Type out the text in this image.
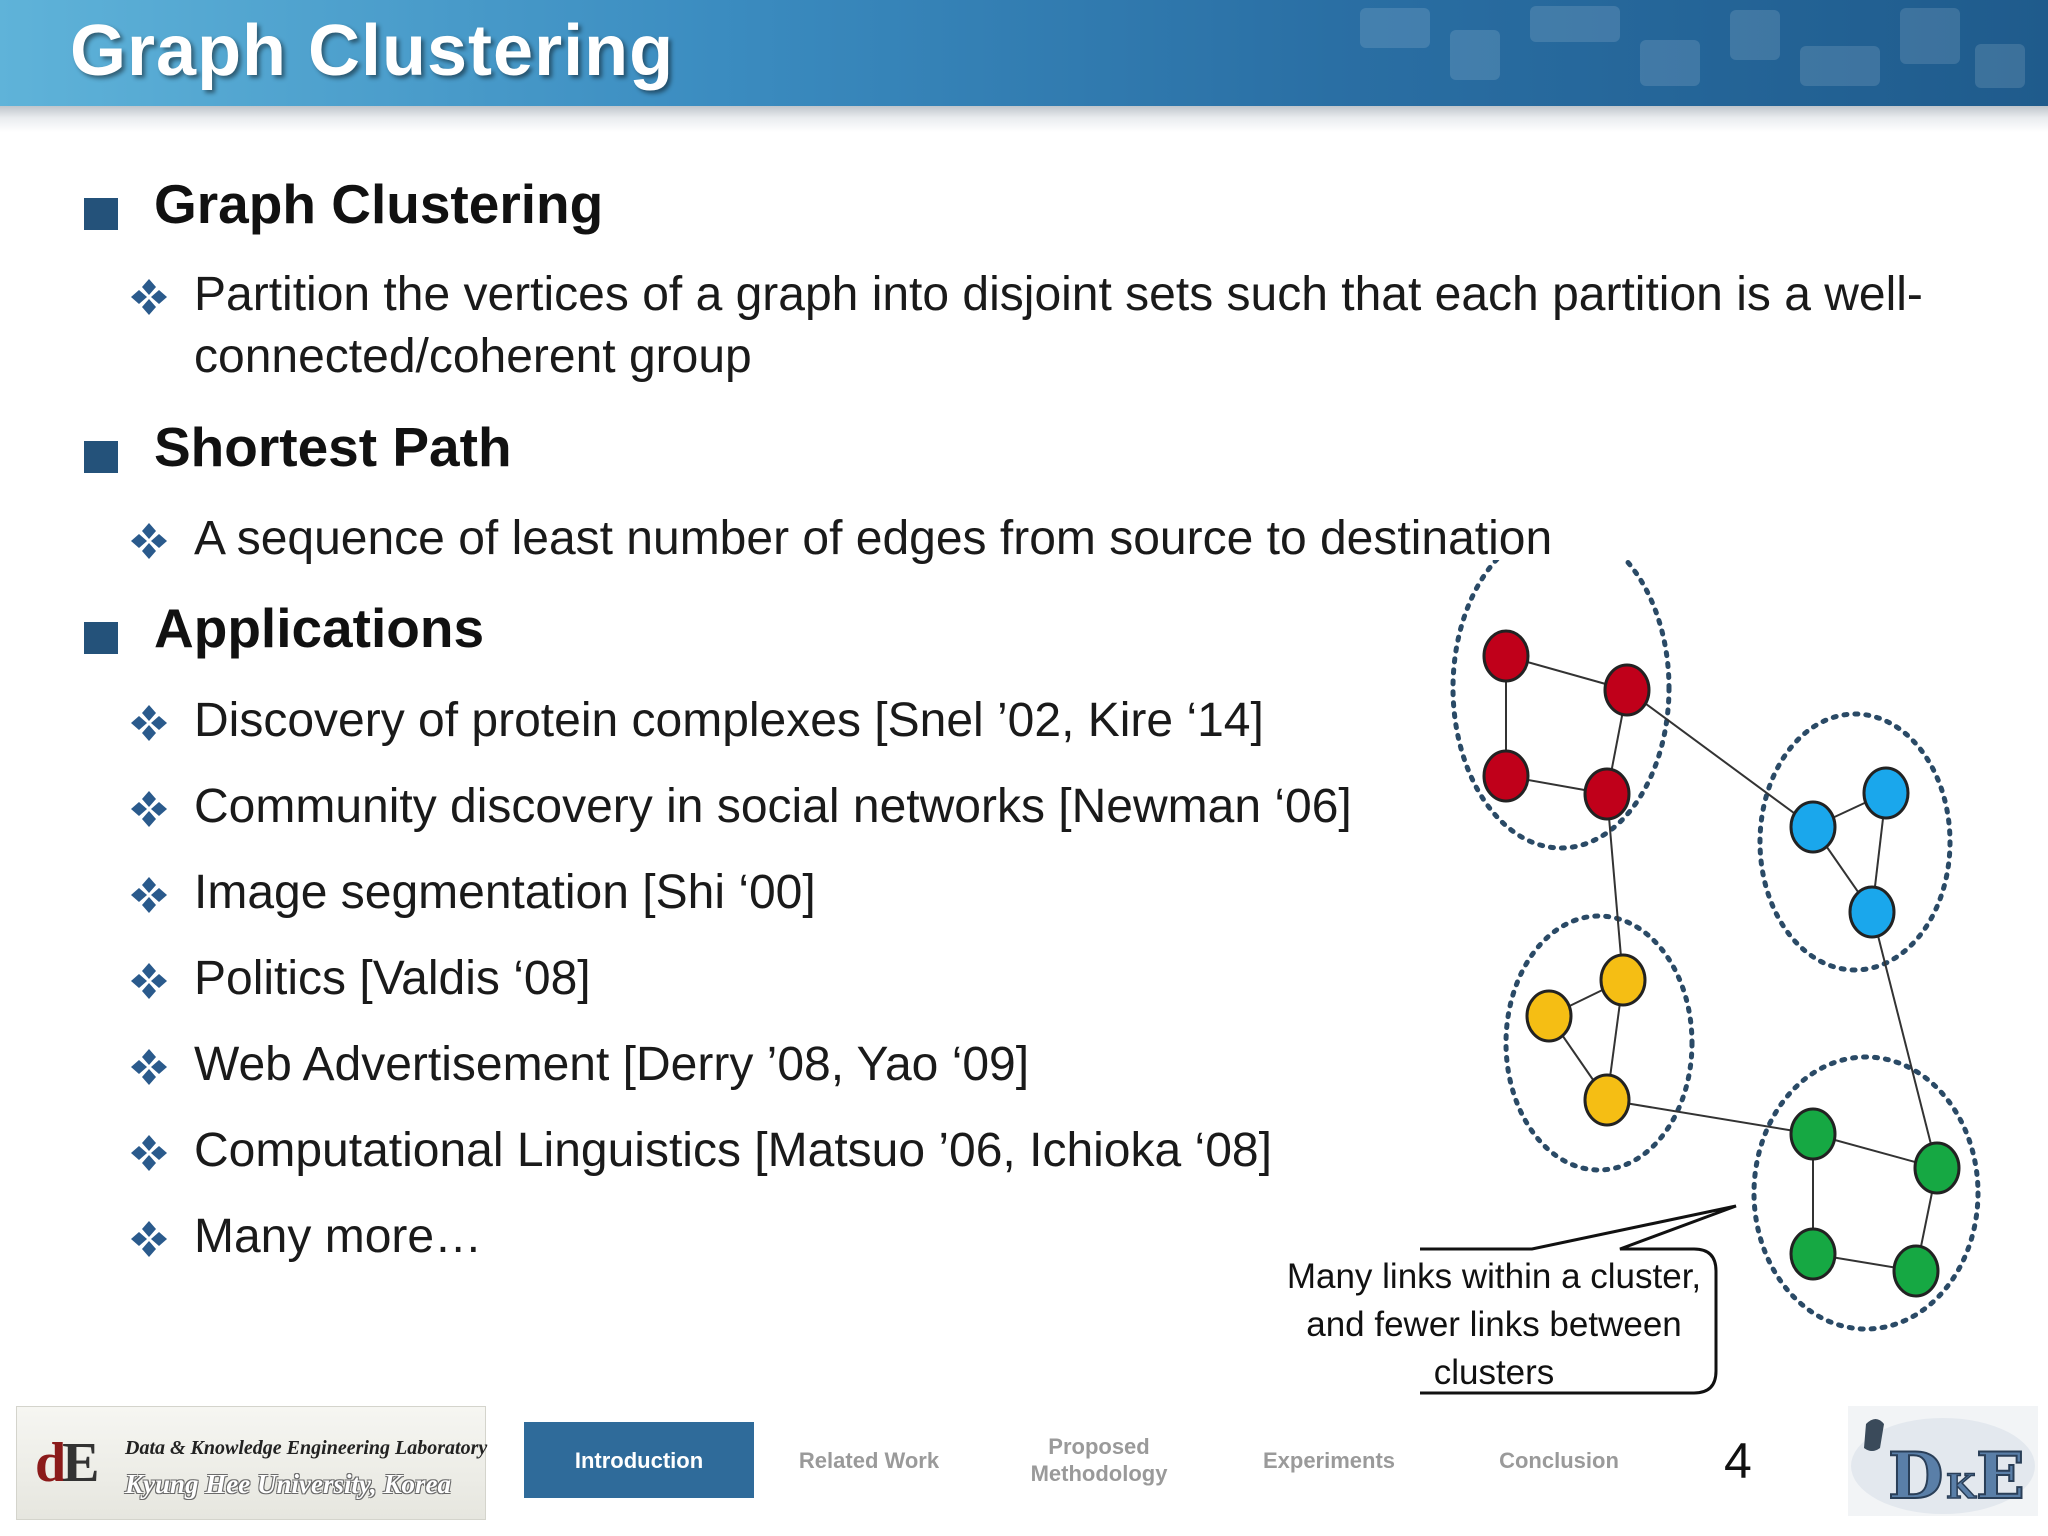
Graph Clustering
Graph Clustering
Partition the vertices of a graph into disjoint sets such that each partition is a well-connected/coherent group
Shortest Path
A sequence of least number of edges from source to destination
Applications
Discovery of protein complexes [Snel ’02, Kire ‘14]
Community discovery in social networks [Newman ‘06]
Image segmentation [Shi ‘00]
Politics [Valdis ‘08]
Web Advertisement [Derry ’08, Yao ‘09]
Computational Linguistics [Matsuo ’06, Ichioka ‘08]
Many more…
Many links within a cluster, and fewer links between clusters
dE Data & Knowledge Engineering Laboratory
Kyung Hee University, Korea
Introduction	Related Work
Proposed Methodology
Experiments	Conclusion	4 D K E
